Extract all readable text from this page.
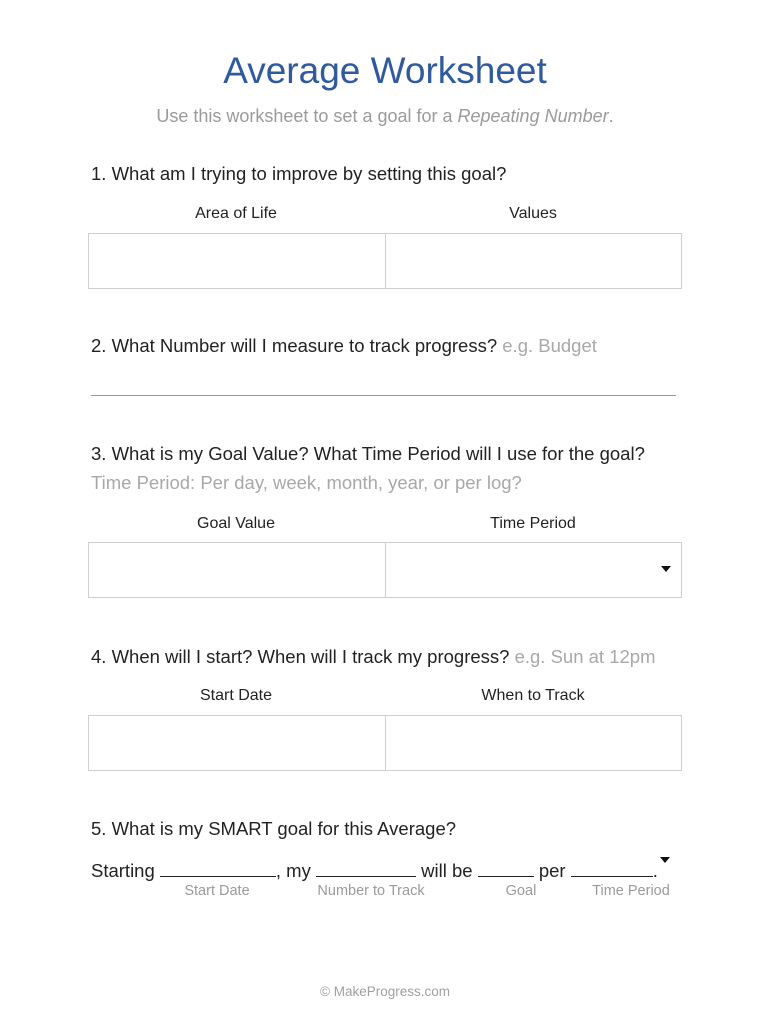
Average Worksheet
Use this worksheet to set a goal for a Repeating Number.
1. What am I trying to improve by setting this goal?
Area of Life	Values
2. What Number will I measure to track progress? e.g. Budget
3. What is my Goal Value? What Time Period will I use for the goal?
Time Period: Per day, week, month, year, or per log?
Goal Value	Time Period
4. When will I start? When will I track my progress? e.g. Sun at 12pm
Start Date	When to Track
5. What is my SMART goal for this Average?
Starting	, my	will be	per	.
Start Date	Number to Track	Goal	Time Period
© MakeProgress.com
